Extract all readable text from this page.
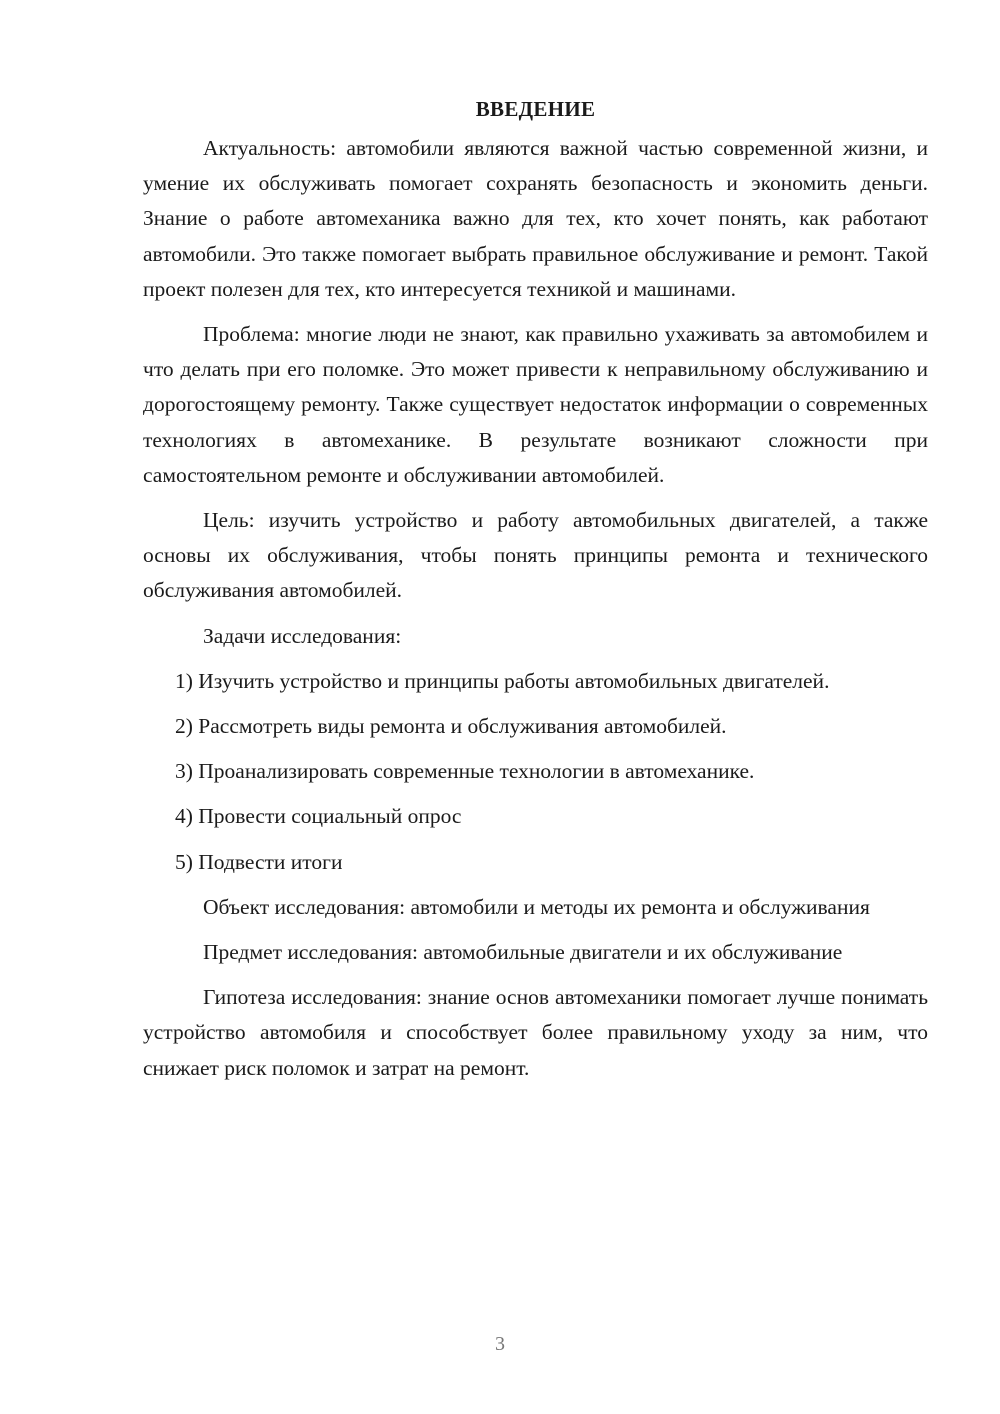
ВВЕДЕНИЕ

Актуальность: автомобили являются важной частью современной жизни, и умение их обслуживать помогает сохранять безопасность и экономить деньги. Знание о работе автомеханика важно для тех, кто хочет понять, как работают автомобили. Это также помогает выбрать правильное обслуживание и ремонт. Такой проект полезен для тех, кто интересуется техникой и машинами.

Проблема: многие люди не знают, как правильно ухаживать за автомобилем и что делать при его поломке. Это может привести к неправильному обслуживанию и дорогостоящему ремонту. Также существует недостаток информации о современных технологиях в автомеханике. В результате возникают сложности при самостоятельном ремонте и обслуживании автомобилей.

Цель: изучить устройство и работу автомобильных двигателей, а также основы их обслуживания, чтобы понять принципы ремонта и технического обслуживания автомобилей.

Задачи исследования:

1) Изучить устройство и принципы работы автомобильных двигателей.

2) Рассмотреть виды ремонта и обслуживания автомобилей.

3) Проанализировать современные технологии в автомеханике.

4) Провести социальный опрос

5) Подвести итоги

Объект исследования: автомобили и методы их ремонта и обслуживания

Предмет исследования: автомобильные двигатели и их обслуживание

Гипотеза исследования: знание основ автомеханики помогает лучше понимать устройство автомобиля и способствует более правильному уходу за ним, что снижает риск поломок и затрат на ремонт.

3
